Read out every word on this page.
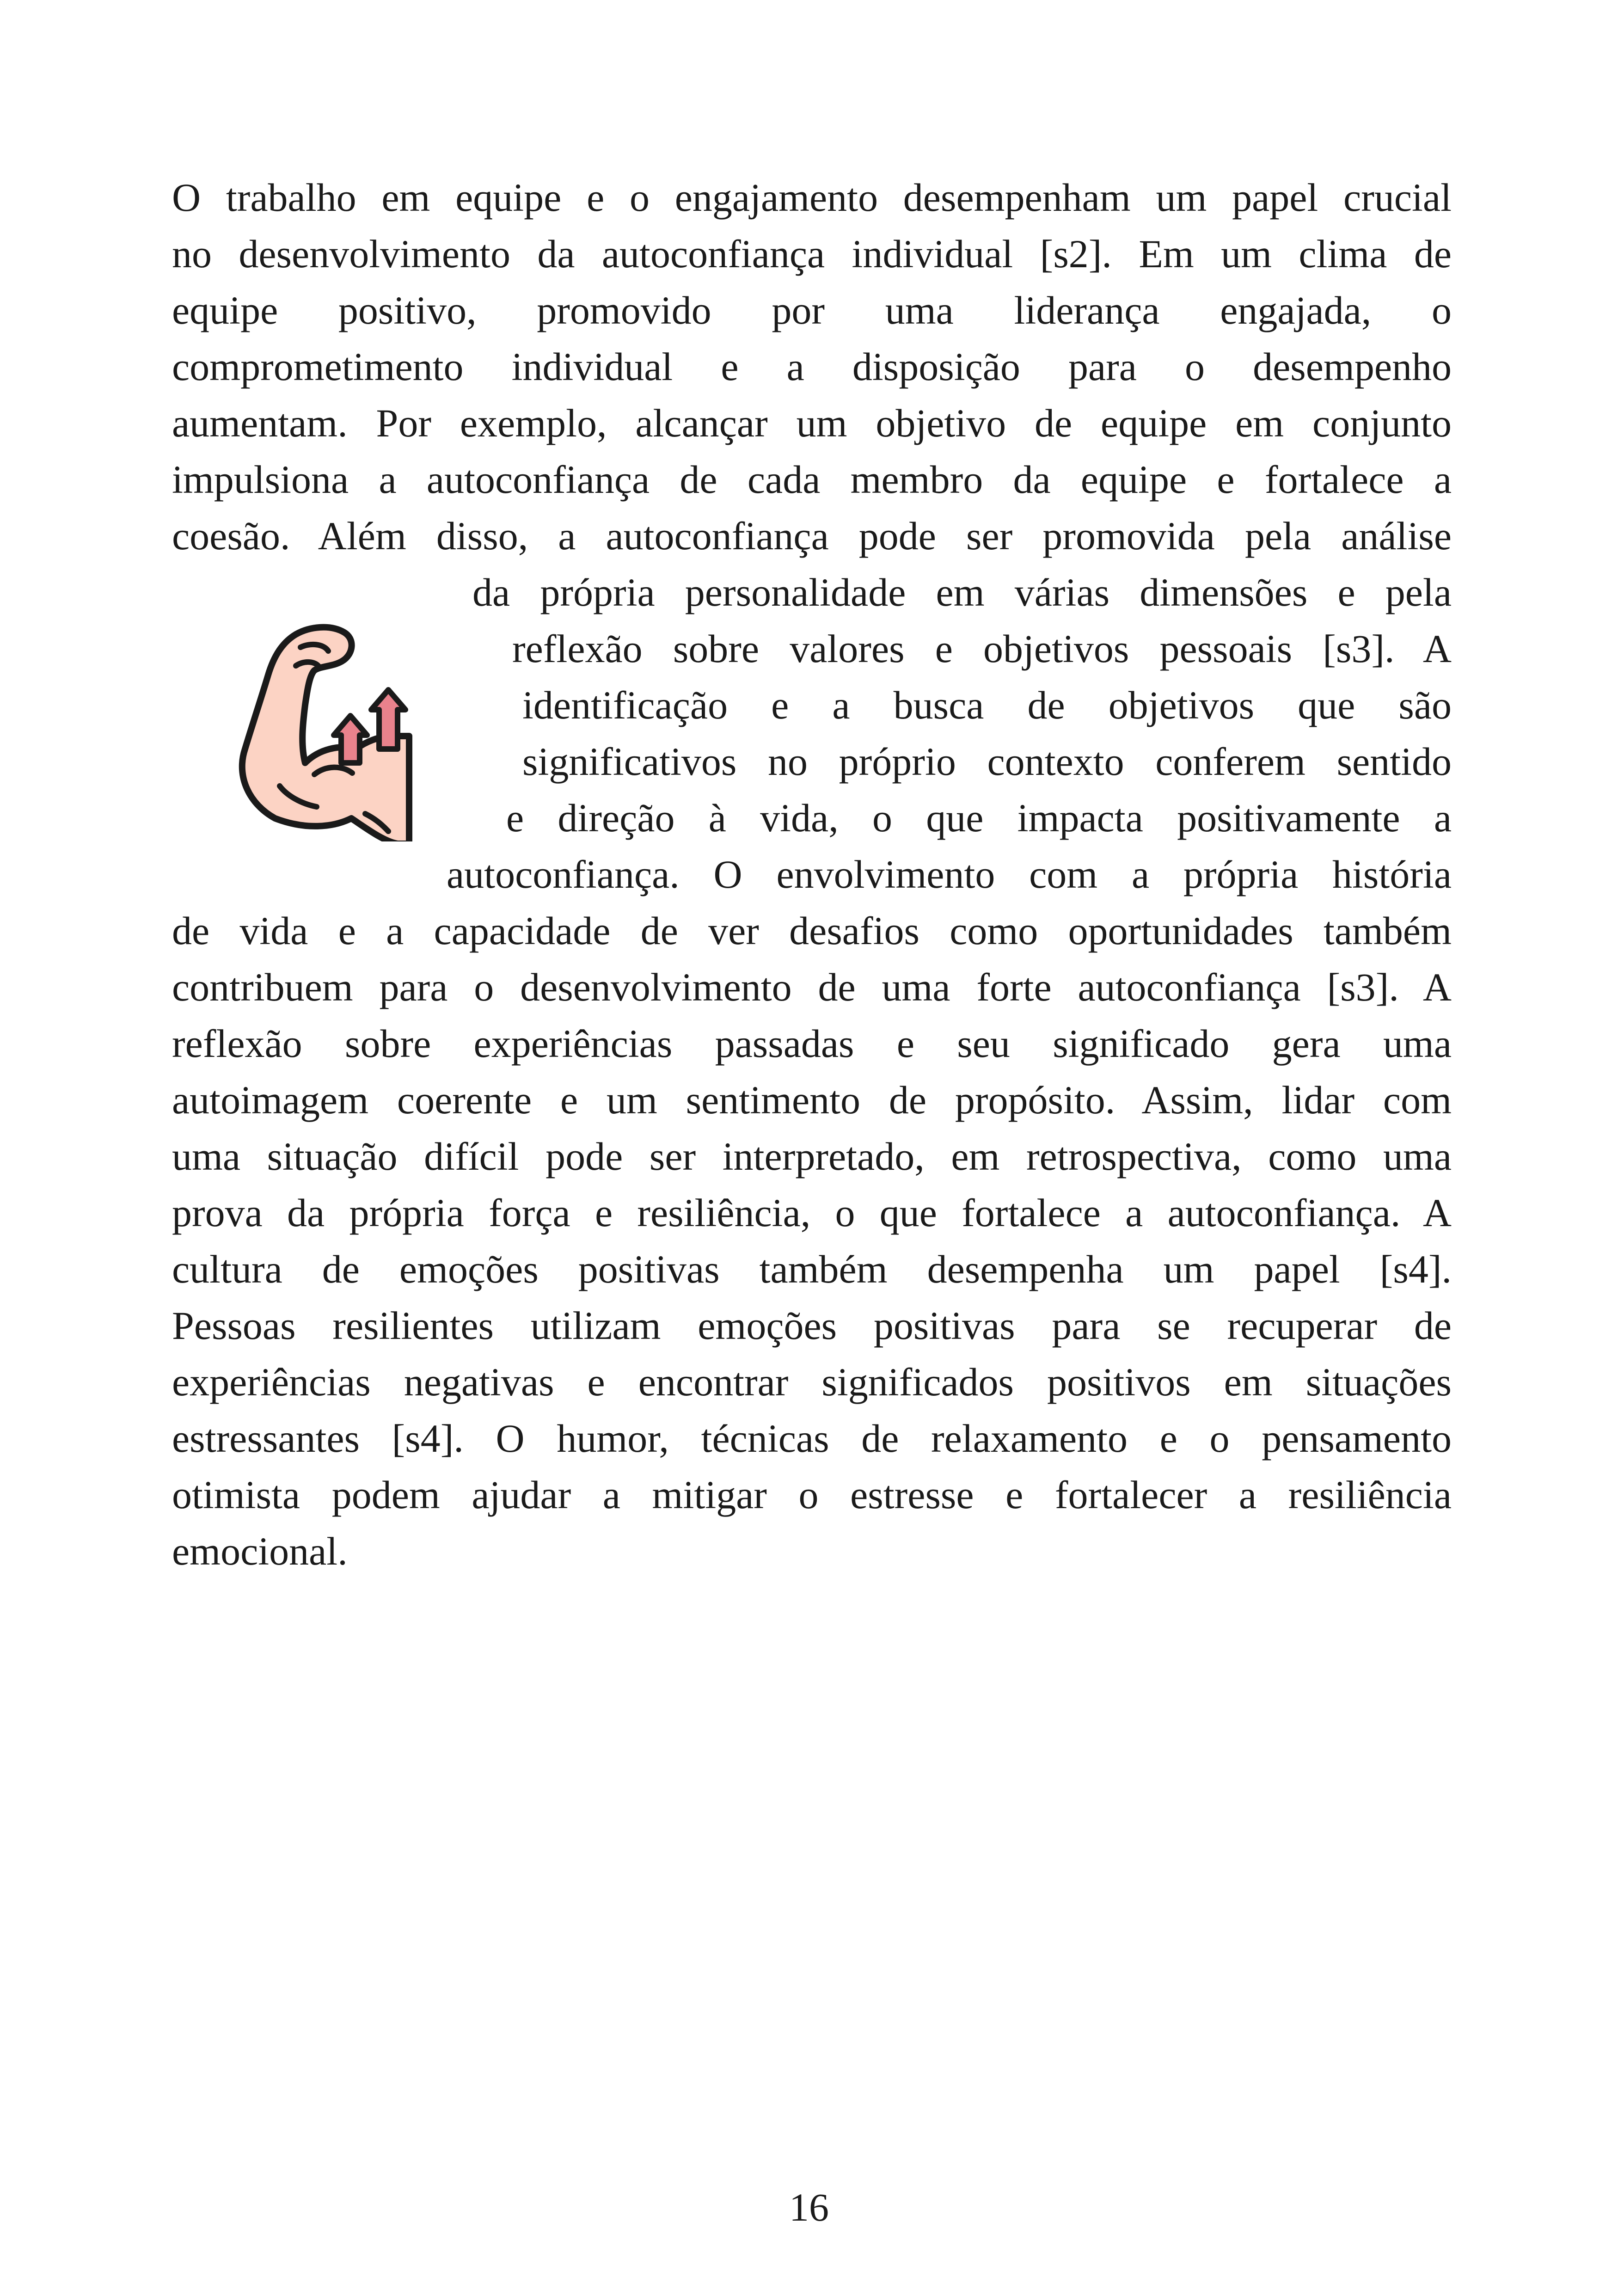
O trabalho em equipe e o engajamento desempenham um papel crucial
no desenvolvimento da autoconfiança individual [s2]. Em um clima de
equipe positivo, promovido por uma liderança engajada, o
comprometimento individual e a disposição para o desempenho
aumentam. Por exemplo, alcançar um objetivo de equipe em conjunto
impulsiona a autoconfiança de cada membro da equipe e fortalece a
coesão. Além disso, a autoconfiança pode ser promovida pela análise
da própria personalidade em várias dimensões e pela
reflexão sobre valores e objetivos pessoais [s3]. A
identificação e a busca de objetivos que são
significativos no próprio contexto conferem sentido
e direção à vida, o que impacta positivamente a
autoconfiança. O envolvimento com a própria história
de vida e a capacidade de ver desafios como oportunidades também
contribuem para o desenvolvimento de uma forte autoconfiança [s3]. A
reflexão sobre experiências passadas e seu significado gera uma
autoimagem coerente e um sentimento de propósito. Assim, lidar com
uma situação difícil pode ser interpretado, em retrospectiva, como uma
prova da própria força e resiliência, o que fortalece a autoconfiança. A
cultura de emoções positivas também desempenha um papel [s4].
Pessoas resilientes utilizam emoções positivas para se recuperar de
experiências negativas e encontrar significados positivos em situações
estressantes [s4]. O humor, técnicas de relaxamento e o pensamento
otimista podem ajudar a mitigar o estresse e fortalecer a resiliência
emocional.
16
